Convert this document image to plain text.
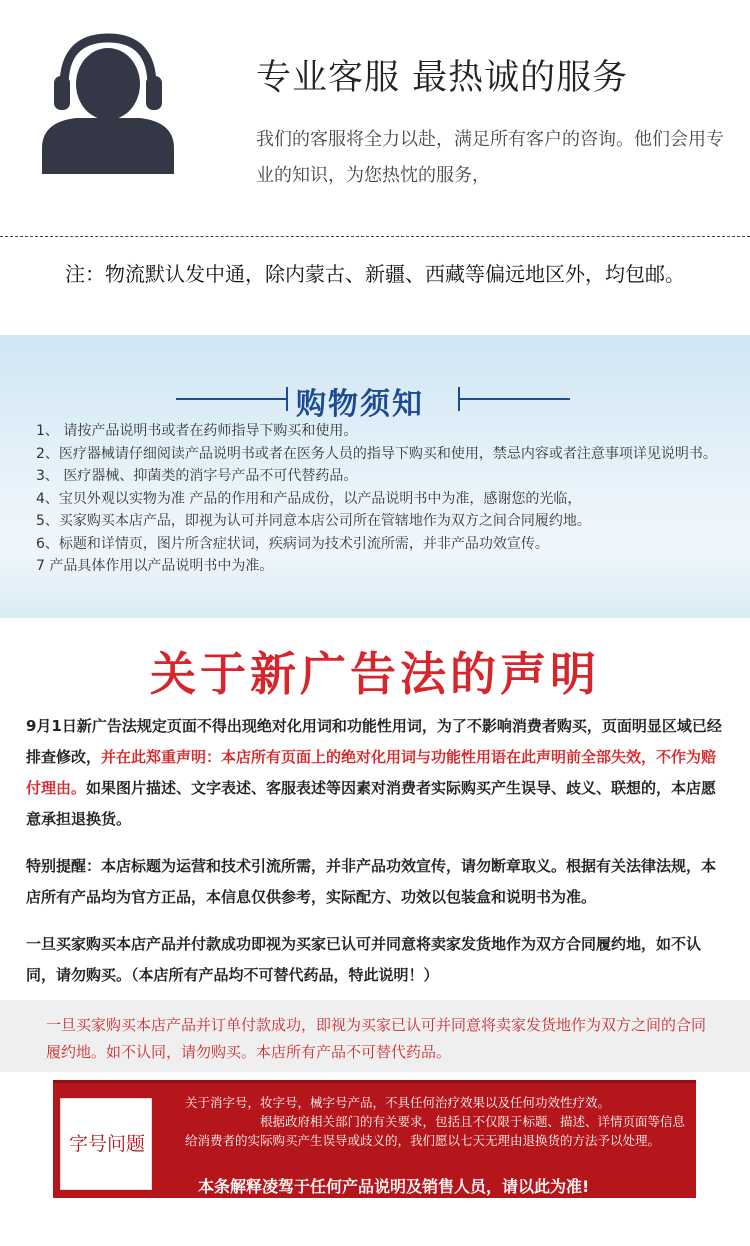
专业客服 最热诚的服务
我们的客服将全力以赴，满足所有客户的咨询。他们会用专业的知识，为您热忱的服务，
注：物流默认发中通，除内蒙古、新疆、西藏等偏远地区外，均包邮。
购物须知
1、 请按产品说明书或者在药师指导下购买和使用。
2、医疗器械请仔细阅读产品说明书或者在医务人员的指导下购买和使用，禁忌内容或者注意事项详见说明书。
3、 医疗器械、抑菌类的消字号产品不可代替药品。
4、宝贝外观以实物为准 产品的作用和产品成份，以产品说明书中为准，感谢您的光临，
5、买家购买本店产品，即视为认可并同意本店公司所在管辖地作为双方之间合同履约地。
6、标题和详情页，图片所含症状词，疾病词为技术引流所需，并非产品功效宣传。
7 产品具体作用以产品说明书中为准。
关于新广告法的声明

9月1日新广告法规定页面不得出现绝对化用词和功能性用词，为了不影响消费者购买，页面明显区域已经排查修改，并在此郑重声明：本店所有页面上的绝对化用词与功能性用语在此声明前全部失效，不作为赔付理由。如果图片描述、文字表述、客服表述等因素对消费者实际购买产生误导、歧义、联想的，本店愿意承担退换货。

特别提醒：本店标题为运营和技术引流所需，并非产品功效宣传，请勿断章取义。根据有关法律法规，本店所有产品均为官方正品，本信息仅供参考，实际配方、功效以包装盒和说明书为准。

一旦买家购买本店产品并付款成功即视为买家已认可并同意将卖家发货地作为双方合同履约地，如不认同，请勿购买。（本店所有产品均不可替代药品，特此说明！）

一旦买家购买本店产品并订单付款成功，即视为买家已认可并同意将卖家发货地作为双方之间的合同履约地。如不认同，请勿购买。本店所有产品不可替代药品。
字号问题
关于消字号，妆字号，械字号产品，不具任何治疗效果以及任何功效性疗效。
根据政府相关部门的有关要求，包括且不仅限于标题、描述、详情页面等信息给消费者的实际购买产生误导或歧义的，我们愿以七天无理由退换货的方法予以处理。
本条解释凌驾于任何产品说明及销售人员，请以此为准!
